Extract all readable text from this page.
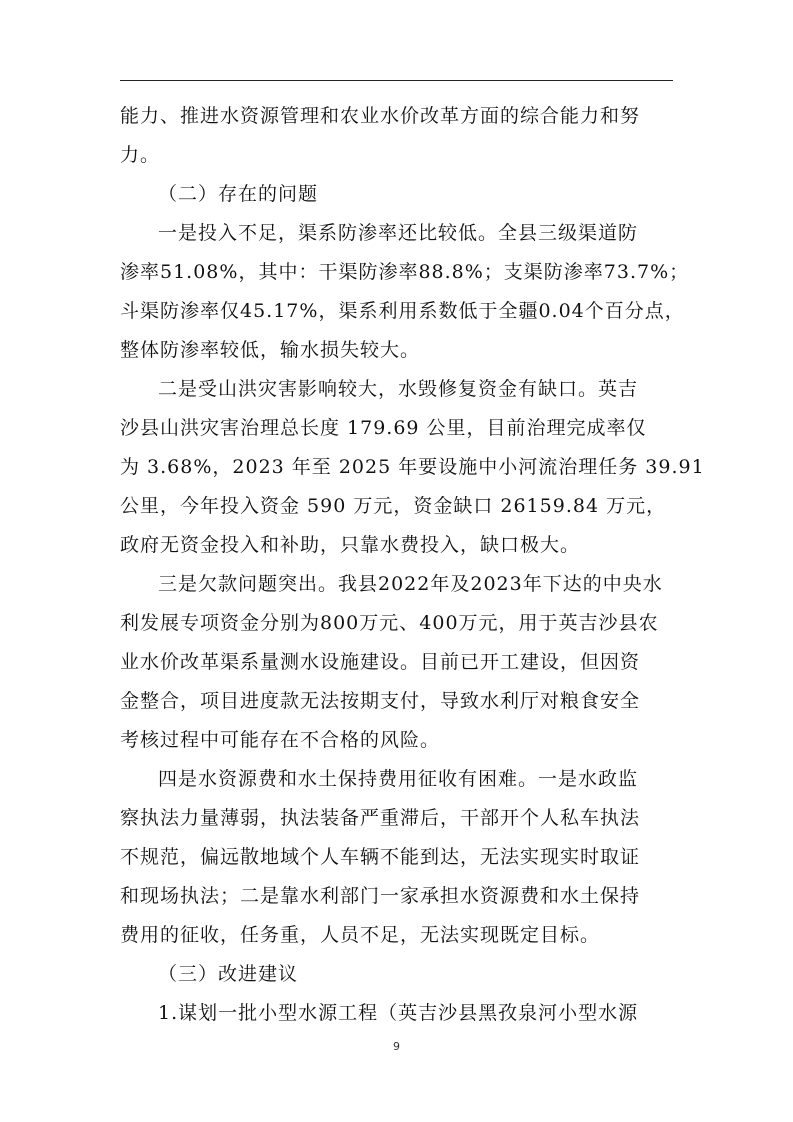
能力、推进水资源管理和农业水价改革方面的综合能力和努
力。
（二）存在的问题
一是投入不足，渠系防渗率还比较低。全县三级渠道防
渗率51.08%，其中：干渠防渗率88.8%；支渠防渗率73.7%；
斗渠防渗率仅45.17%，渠系利用系数低于全疆0.04个百分点，
整体防渗率较低，输水损失较大。
二是受山洪灾害影响较大，水毁修复资金有缺口。英吉
沙县山洪灾害治理总长度 179.69 公里，目前治理完成率仅
为 3.68%，2023 年至 2025 年要设施中小河流治理任务 39.91
公里，今年投入资金 590 万元，资金缺口 26159.84 万元，
政府无资金投入和补助，只靠水费投入，缺口极大。
三是欠款问题突出。我县2022年及2023年下达的中央水
利发展专项资金分别为800万元、400万元，用于英吉沙县农
业水价改革渠系量测水设施建设。目前已开工建设，但因资
金整合，项目进度款无法按期支付，导致水利厅对粮食安全
考核过程中可能存在不合格的风险。
四是水资源费和水土保持费用征收有困难。一是水政监
察执法力量薄弱，执法装备严重滞后，干部开个人私车执法
不规范，偏远散地域个人车辆不能到达，无法实现实时取证
和现场执法；二是靠水利部门一家承担水资源费和水土保持
费用的征收，任务重，人员不足，无法实现既定目标。
（三）改进建议
1.谋划一批小型水源工程（英吉沙县黑孜泉河小型水源
9
